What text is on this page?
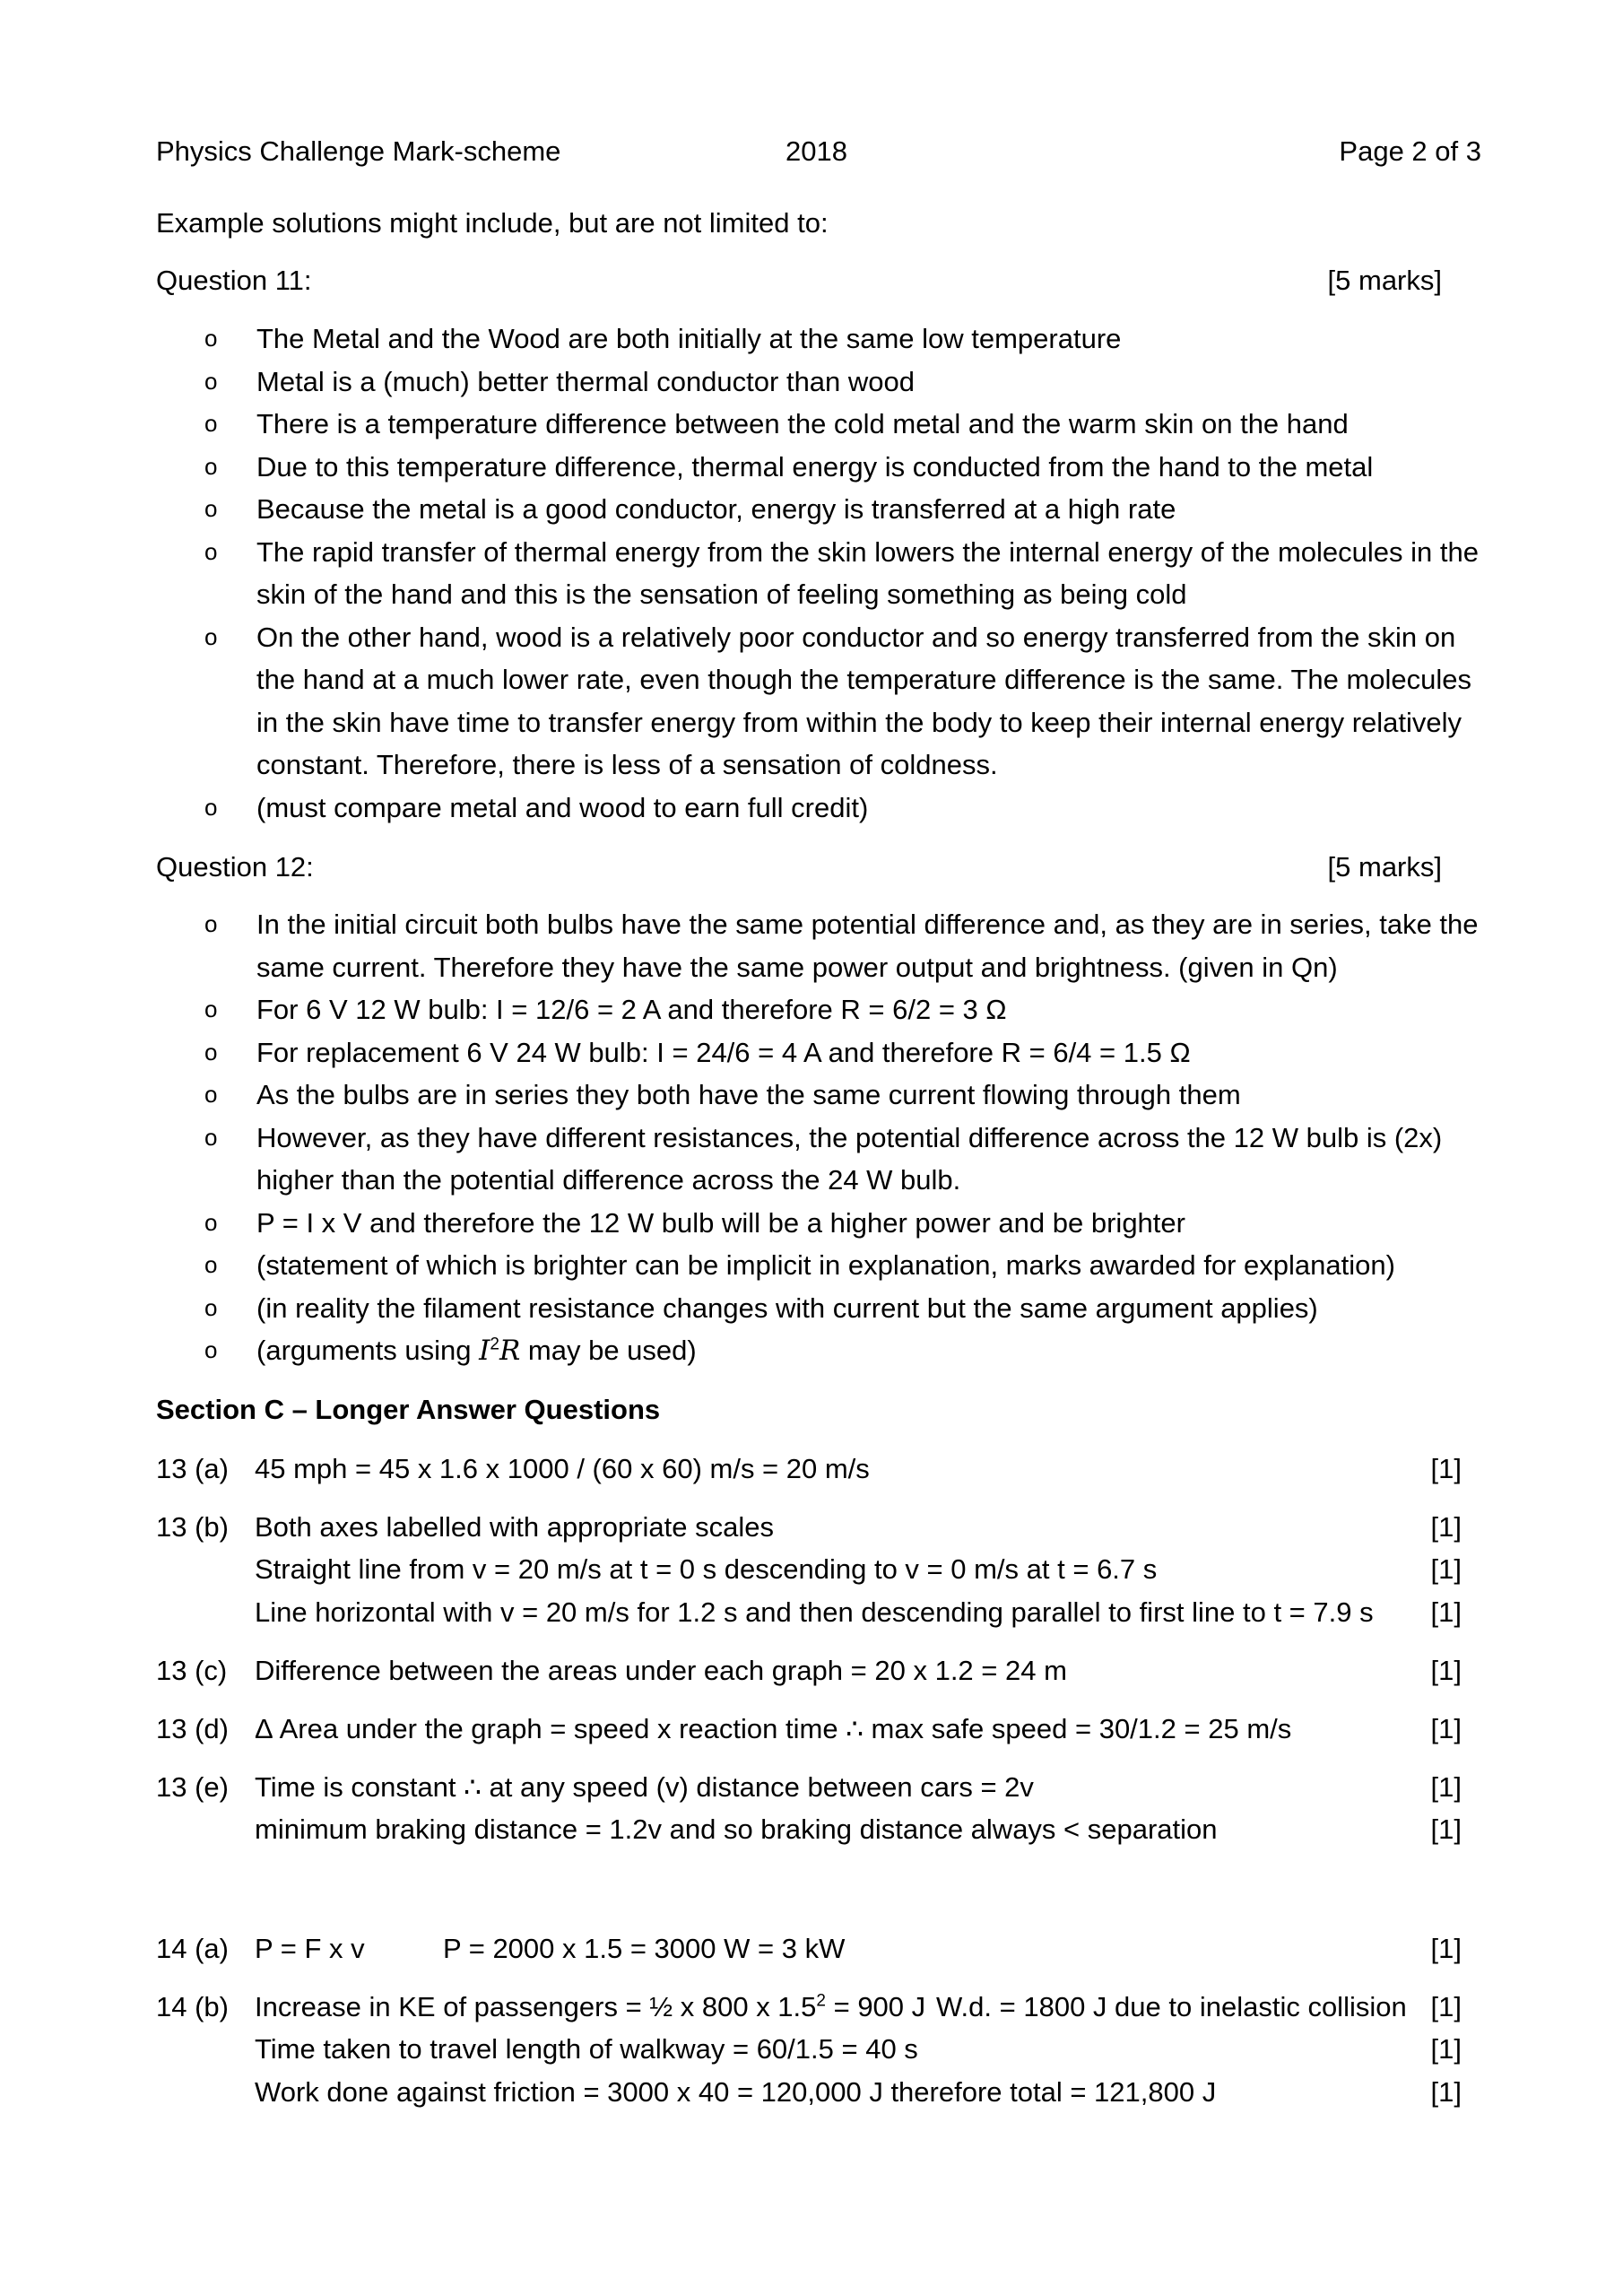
Physics Challenge Mark-scheme	2018	Page 2 of 3
Example solutions might include, but are not limited to:
Question 11:	[5 marks]
o The Metal and the Wood are both initially at the same low temperature
o Metal is a (much) better thermal conductor than wood
o There is a temperature difference between the cold metal and the warm skin on the hand
o Due to this temperature difference, thermal energy is conducted from the hand to the metal
o Because the metal is a good conductor, energy is transferred at a high rate
o The rapid transfer of thermal energy from the skin lowers the internal energy of the molecules in the skin of the hand and this is the sensation of feeling something as being cold
o On the other hand, wood is a relatively poor conductor and so energy transferred from the skin on the hand at a much lower rate, even though the temperature difference is the same. The molecules in the skin have time to transfer energy from within the body to keep their internal energy relatively constant. Therefore, there is less of a sensation of coldness.
o (must compare metal and wood to earn full credit)
Question 12:	[5 marks]
o In the initial circuit both bulbs have the same potential difference and, as they are in series, take the same current. Therefore they have the same power output and brightness. (given in Qn)
o For 6 V 12 W bulb: I = 12/6 = 2 A and therefore R = 6/2 = 3 Ω
o For replacement 6 V 24 W bulb: I = 24/6 = 4 A and therefore R = 6/4 = 1.5 Ω
o As the bulbs are in series they both have the same current flowing through them
o However, as they have different resistances, the potential difference across the 12 W bulb is (2x) higher than the potential difference across the 24 W bulb.
o P = I x V and therefore the 12 W bulb will be a higher power and be brighter
o (statement of which is brighter can be implicit in explanation, marks awarded for explanation)
o (in reality the filament resistance changes with current but the same argument applies)
o (arguments using $I^2R$ may be used)
Section C – Longer Answer Questions
13 (a) 45 mph = 45 x 1.6 x 1000 / (60 x 60) m/s = 20 m/s	[1]
13 (b) Both axes labelled with appropriate scales	[1]
Straight line from v = 20 m/s at t = 0 s descending to v = 0 m/s at t = 6.7 s	[1]
Line horizontal with v = 20 m/s for 1.2 s and then descending parallel to first line to t = 7.9 s [1]
13 (c) Difference between the areas under each graph = 20 x 1.2 = 24 m	[1]
13 (d) Δ Area under the graph = speed x reaction time ∴ max safe speed = 30/1.2 = 25 m/s	[1]
13 (e) Time is constant ∴ at any speed (v) distance between cars = 2v	[1]
minimum braking distance = 1.2v and so braking distance always < separation	[1]
14 (a) P = F x v	P = 2000 x 1.5 = 3000 W = 3 kW	[1]
14 (b) Increase in KE of passengers = ½ x 800 x $1.5^2 = 900$ J W.d. = 1800 J due to inelastic collision [1]
Time taken to travel length of walkway = 60/1.5 = 40 s	[1]
Work done against friction = 3000 x 40 = 120,000 J therefore total = 121,800 J	[1]
